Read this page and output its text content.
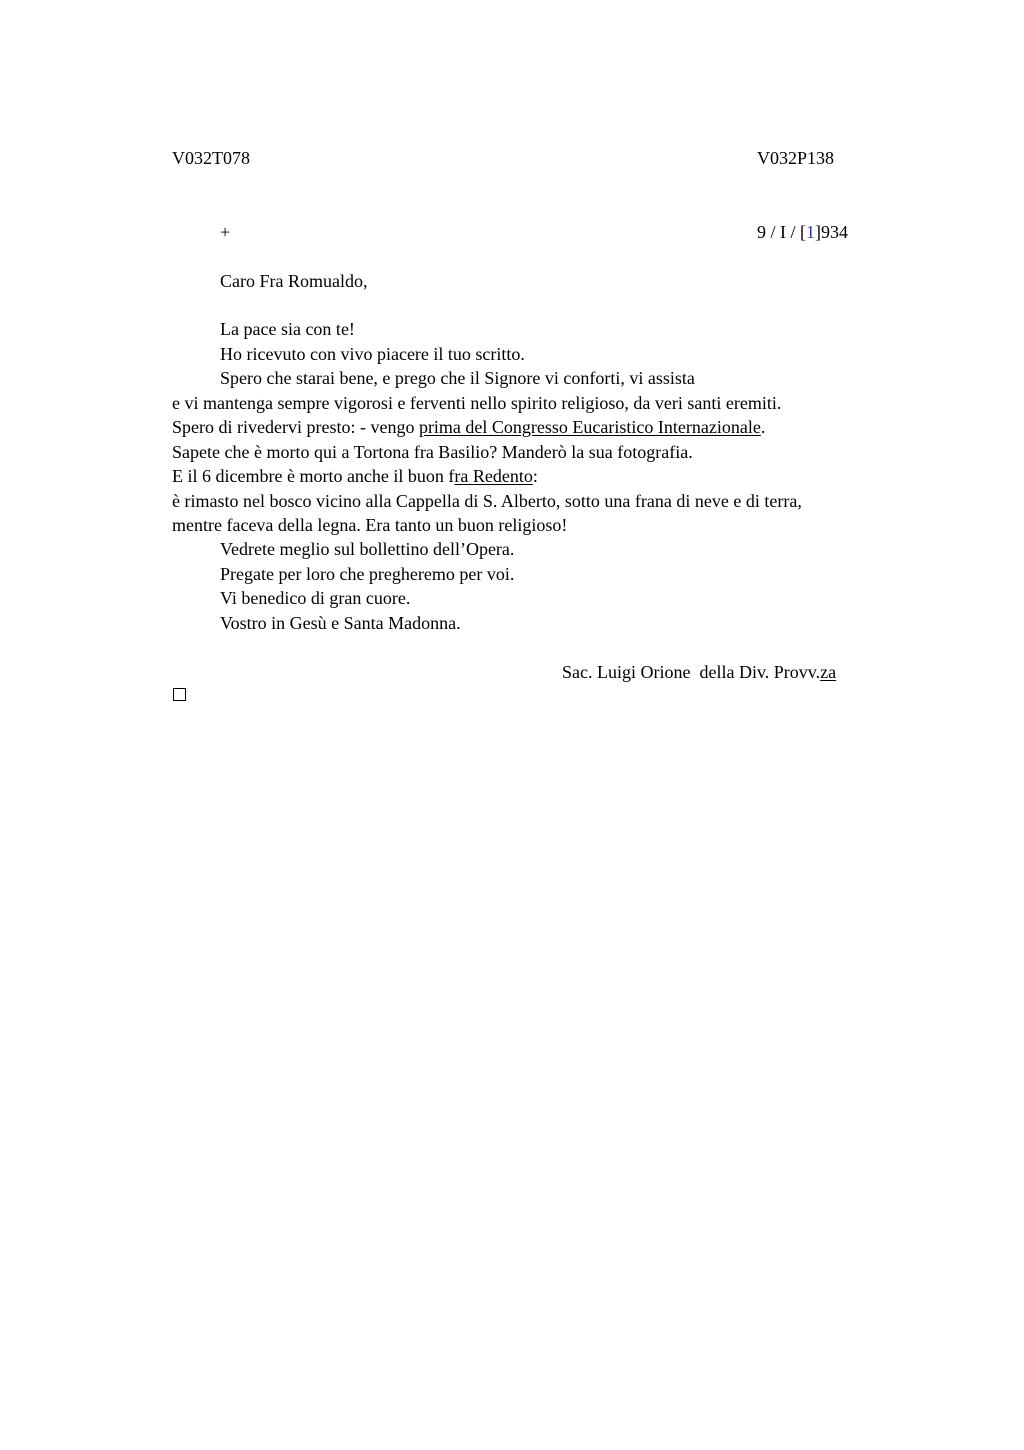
V032T078	V032P138
+	9 / I / [1]934
Caro Fra Romualdo,
La pace sia con te!
Ho ricevuto con vivo piacere il tuo scritto.
Spero che starai bene, e prego che il Signore vi conforti, vi assista
e vi mantenga sempre vigorosi e ferventi nello spirito religioso, da veri santi eremiti.
Spero di rivedervi presto: - vengo prima del Congresso Eucaristico Internazionale.
Sapete che è morto qui a Tortona fra Basilio? Manderò la sua fotografia.
E il 6 dicembre è morto anche il buon fra Redento:
è rimasto nel bosco vicino alla Cappella di S. Alberto, sotto una frana di neve e di terra,
mentre faceva della legna. Era tanto un buon religioso!
Vedrete meglio sul bollettino dell’Opera.
Pregate per loro che pregheremo per voi.
Vi benedico di gran cuore.
Vostro in Gesù e Santa Madonna.
Sac. Luigi Orione  della Div. Provv.za
